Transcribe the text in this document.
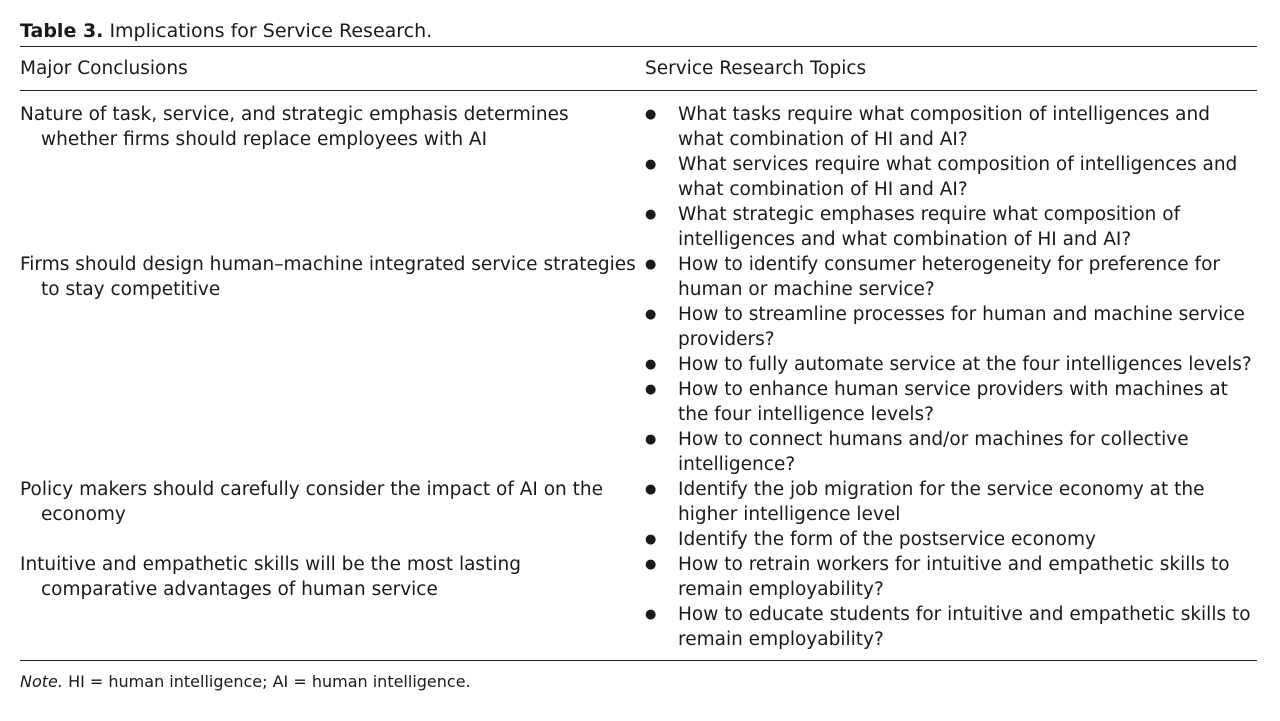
Table 3. Implications for Service Research.

Major Conclusions	Service Research Topics
Nature of task, service, and strategic emphasis determines whether firms should replace employees with AI
● What tasks require what composition of intelligences and what combination of HI and AI?
● What services require what composition of intelligences and what combination of HI and AI?
● What strategic emphases require what composition of intelligences and what combination of HI and AI?
Firms should design human–machine integrated service strategies to stay competitive
● How to identify consumer heterogeneity for preference for human or machine service?
● How to streamline processes for human and machine service providers?
● How to fully automate service at the four intelligences levels?
● How to enhance human service providers with machines at the four intelligence levels?
● How to connect humans and/or machines for collective intelligence?
Policy makers should carefully consider the impact of AI on the economy
● Identify the job migration for the service economy at the higher intelligence level
● Identify the form of the postservice economy
Intuitive and empathetic skills will be the most lasting comparative advantages of human service
● How to retrain workers for intuitive and empathetic skills to remain employability?
● How to educate students for intuitive and empathetic skills to remain employability?
Note. HI = human intelligence; AI = human intelligence.
